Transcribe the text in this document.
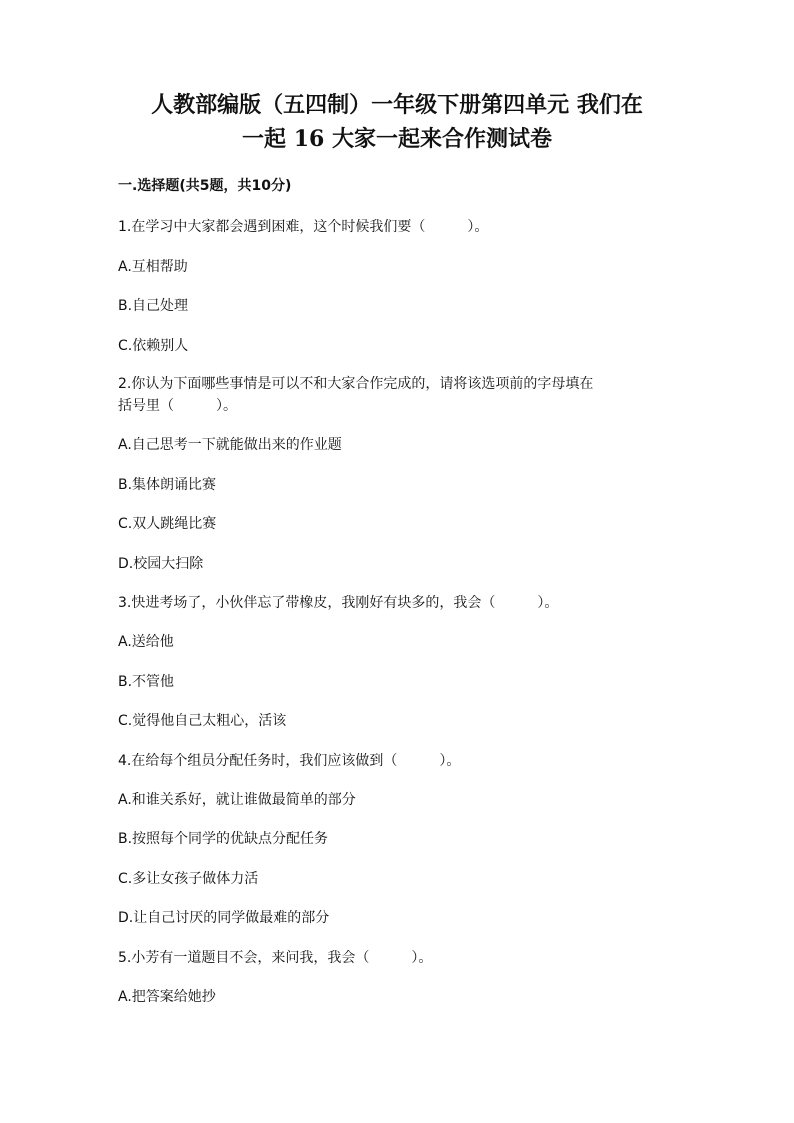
人教部编版（五四制）一年级下册第四单元 我们在
一起 16 大家一起来合作测试卷
一.选择题(共5题，共10分)
1.在学习中大家都会遇到困难，这个时候我们要（　　　）。
A.互相帮助
B.自己处理
C.依赖别人
2.你认为下面哪些事情是可以不和大家合作完成的，请将该选项前的字母填在
括号里（　　　）。
A.自己思考一下就能做出来的作业题
B.集体朗诵比赛
C.双人跳绳比赛
D.校园大扫除
3.快进考场了，小伙伴忘了带橡皮，我刚好有块多的，我会（　　　）。
A.送给他
B.不管他
C.觉得他自己太粗心，活该
4.在给每个组员分配任务时，我们应该做到（　　　）。
A.和谁关系好，就让谁做最简单的部分
B.按照每个同学的优缺点分配任务
C.多让女孩子做体力活
D.让自己讨厌的同学做最难的部分
5.小芳有一道题目不会，来问我，我会（　　　）。
A.把答案给她抄
